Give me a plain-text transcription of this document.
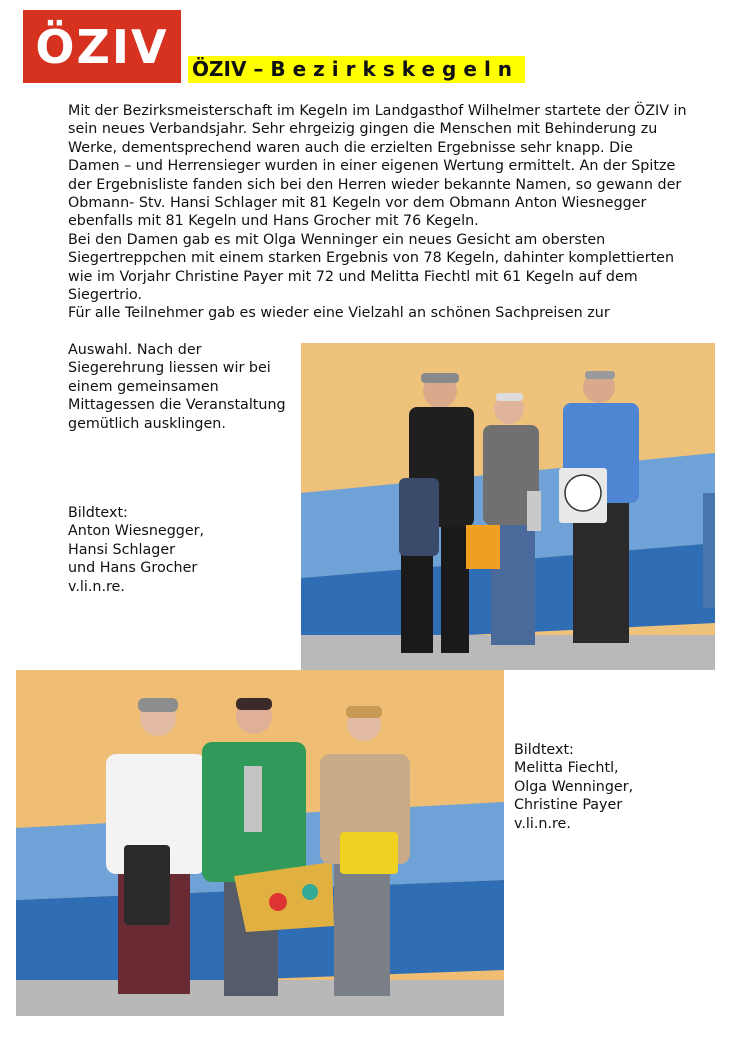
ÖZIV ÖZIV – Bezirkskegeln

Mit der Bezirksmeisterschaft im Kegeln im Landgasthof Wilhelmer startete der ÖZIV in sein neues Verbandsjahr. Sehr ehrgeizig gingen die Menschen mit Behinderung zu Werke, dementsprechend waren auch die erzielten Ergebnisse sehr knapp. Die Damen – und Herrensieger wurden in einer eigenen Wertung ermittelt. An der Spitze der Ergebnisliste fanden sich bei den Herren wieder bekannte Namen, so gewann der Obmann- Stv. Hansi Schlager mit 81 Kegeln vor dem Obmann Anton Wiesnegger ebenfalls mit 81 Kegeln und Hans Grocher mit 76 Kegeln.

Bei den Damen gab es mit Olga Wenninger ein neues Gesicht am obersten Siegertreppchen mit einem starken Ergebnis von 78 Kegeln, dahinter komplettierten wie im Vorjahr Christine Payer mit 72 und Melitta Fiechtl mit 61 Kegeln auf dem Siegertrio.

Für alle Teilnehmer gab es wieder eine Vielzahl an schönen Sachpreisen zur

Auswahl. Nach der Siegerehrung liessen wir bei einem gemeinsamen Mittagessen die Veranstaltung gemütlich ausklingen.
Bildtext:
Anton Wiesnegger,
Hansi Schlager
und Hans Grocher
v.li.n.re.
Bildtext:
Melitta Fiechtl,
Olga Wenninger,
Christine Payer
v.li.n.re.
